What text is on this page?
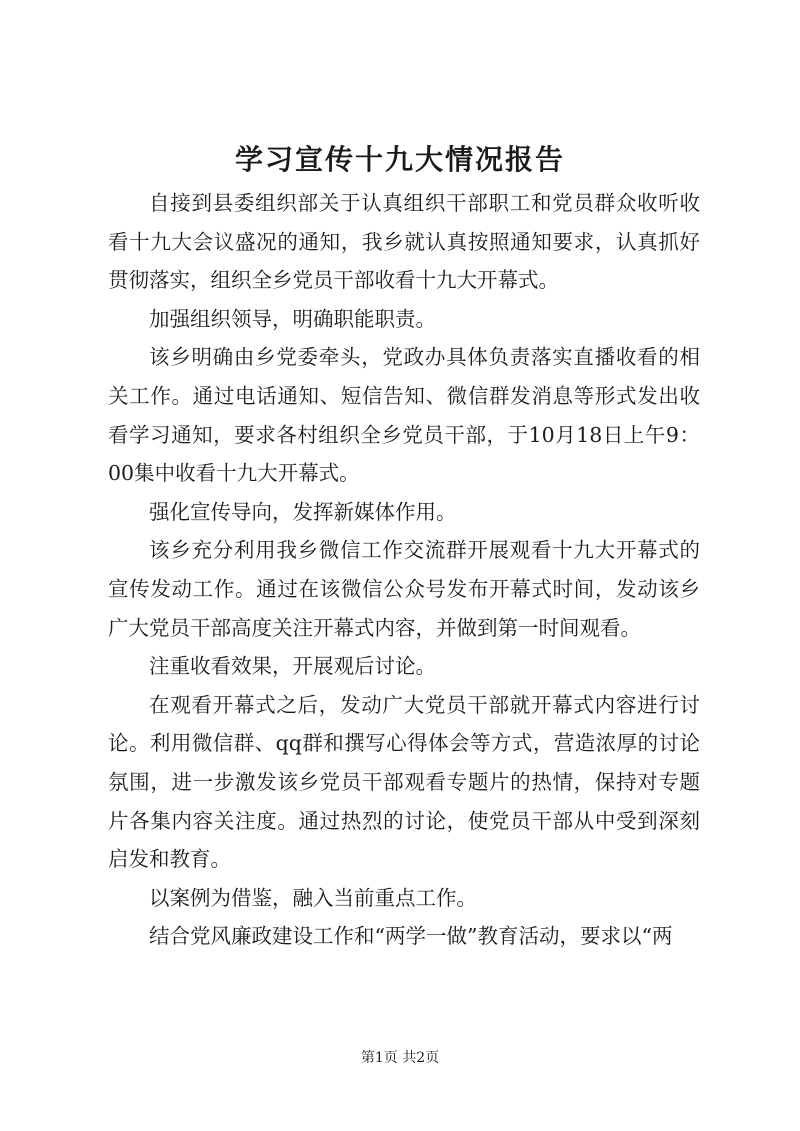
学习宣传十九大情况报告

自接到县委组织部关于认真组织干部职工和党员群众收听收看十九大会议盛况的通知，我乡就认真按照通知要求，认真抓好贯彻落实，组织全乡党员干部收看十九大开幕式。

加强组织领导，明确职能职责。

该乡明确由乡党委牵头，党政办具体负责落实直播收看的相关工作。通过电话通知、短信告知、微信群发消息等形式发出收看学习通知，要求各村组织全乡党员干部，于10月18日上午9：00集中收看十九大开幕式。

强化宣传导向，发挥新媒体作用。

该乡充分利用我乡微信工作交流群开展观看十九大开幕式的宣传发动工作。通过在该微信公众号发布开幕式时间，发动该乡广大党员干部高度关注开幕式内容，并做到第一时间观看。

注重收看效果，开展观后讨论。

在观看开幕式之后，发动广大党员干部就开幕式内容进行讨论。利用微信群、qq群和撰写心得体会等方式，营造浓厚的讨论氛围，进一步激发该乡党员干部观看专题片的热情，保持对专题片各集内容关注度。通过热烈的讨论，使党员干部从中受到深刻启发和教育。

以案例为借鉴，融入当前重点工作。

结合党风廉政建设工作和“两学一做”教育活动，要求以“两

第1页 共2页
